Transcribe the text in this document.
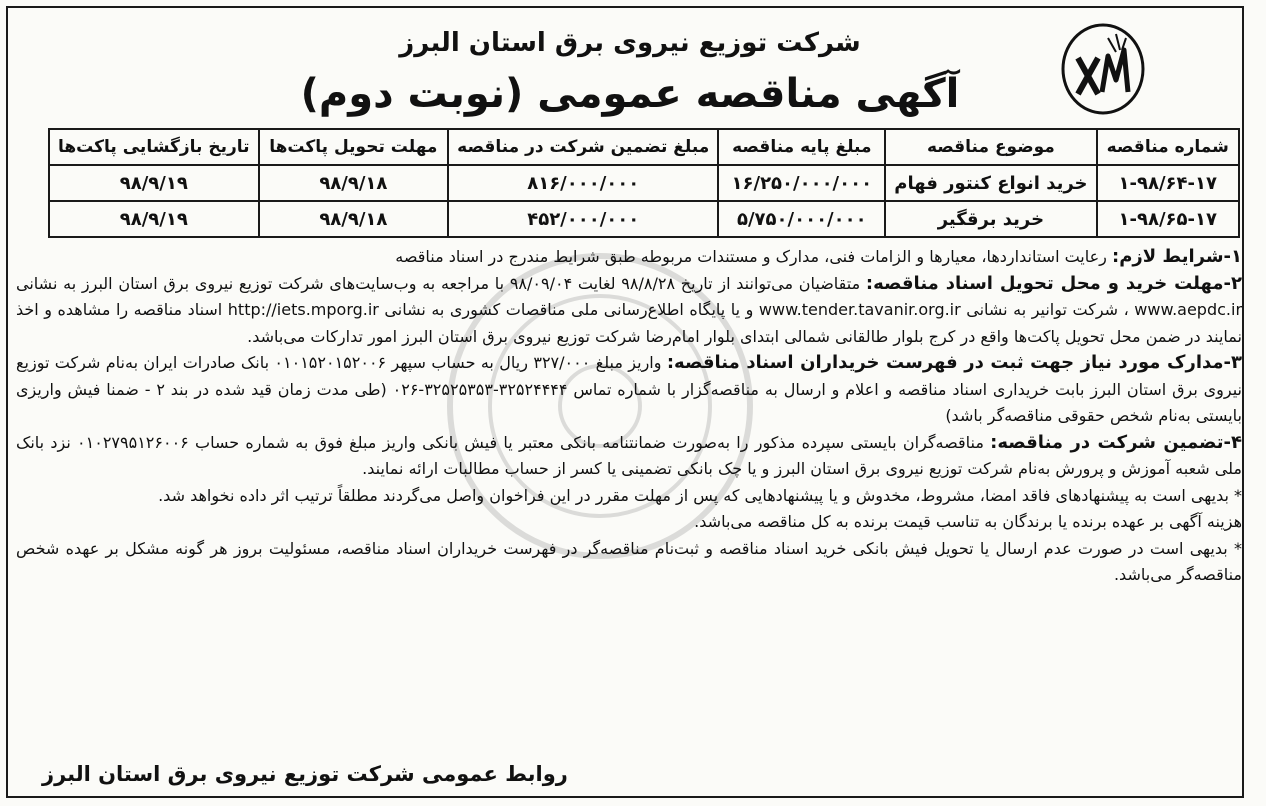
شرکت توزیع نیروی برق استان البرز
آگهی مناقصه عمومی (نوبت دوم)
شماره مناقصه	موضوع مناقصه	مبلغ پایه مناقصه	مبلغ تضمین شرکت در مناقصه	مهلت تحویل پاکت‌ها	تاریخ بازگشایی پاکت‌ها
۱-۹۸/۶۴-۱۷	خرید انواع کنتور فهام	۱۶/۲۵۰/۰۰۰/۰۰۰	۸۱۶/۰۰۰/۰۰۰	۹۸/۹/۱۸	۹۸/۹/۱۹
۱-۹۸/۶۵-۱۷	خرید برقگیر	۵/۷۵۰/۰۰۰/۰۰۰	۴۵۲/۰۰۰/۰۰۰	۹۸/۹/۱۸	۹۸/۹/۱۹

۱-شرایط لازم: رعایت استانداردها، معیارها و الزامات فنی، مدارک و مستندات مربوطه طبق شرایط مندرج در اسناد مناقصه

۲-مهلت خرید و محل تحویل اسناد مناقصه: متقاضیان می‌توانند از تاریخ ۹۸/۸/۲۸ لغایت ۹۸/۰۹/۰۴ با مراجعه به وب‌سایت‌های شرکت توزیع نیروی برق استان البرز به نشانی www.aepdc.ir ، شرکت توانیر به نشانی www.tender.tavanir.org.ir و یا پایگاه اطلاع‌رسانی ملی مناقصات کشوری به نشانی http://iets.mporg.ir اسناد مناقصه را مشاهده و اخذ نمایند در ضمن محل تحویل پاکت‌ها واقع در کرج بلوار طالقانی شمالی ابتدای بلوار امام‌رضا شرکت توزیع نیروی برق استان البرز امور تدارکات می‌باشد.

۳-مدارک مورد نیاز جهت ثبت در فهرست خریداران اسناد مناقصه: واریز مبلغ ۳۲۷/۰۰۰ ریال به حساب سپهر ۰۱۰۱۵۲۰۱۵۲۰۰۶ بانک صادرات ایران به‌نام شرکت توزیع نیروی برق استان البرز بابت خریداری اسناد مناقصه و اعلام و ارسال به مناقصه‌گزار با شماره تماس ۳۲۵۲۴۴۴۴-۳۲۵۲۵۳۵۳-۰۲۶ (طی مدت زمان قید شده در بند ۲ - ضمنا فیش واریزی بایستی به‌نام شخص حقوقی مناقصه‌گر باشد)

۴-تضمین شرکت در مناقصه: مناقصه‌گران بایستی سپرده مذکور را به‌صورت ضمانتنامه بانکی معتبر یا فیش بانکی واریز مبلغ فوق به شماره حساب ۰۱۰۲۷۹۵۱۲۶۰۰۶ نزد بانک ملی شعبه آموزش و پرورش به‌نام شرکت توزیع نیروی برق استان البرز و یا چک بانکی تضمینی یا کسر از حساب مطالبات ارائه نمایند.

* بدیهی است به پیشنهادهای فاقد امضا، مشروط، مخدوش و یا پیشنهادهایی که پس از مهلت مقرر در این فراخوان واصل می‌گردند مطلقاً ترتیب اثر داده نخواهد شد.

هزینه آگهی بر عهده برنده یا برندگان به تناسب قیمت برنده به کل مناقصه می‌باشد.

* بدیهی است در صورت عدم ارسال یا تحویل فیش بانکی خرید اسناد مناقصه و ثبت‌نام مناقصه‌گر در فهرست خریداران اسناد مناقصه، مسئولیت بروز هر گونه مشکل بر عهده شخص مناقصه‌گر می‌باشد.

روابط عمومی شرکت توزیع نیروی برق استان البرز
